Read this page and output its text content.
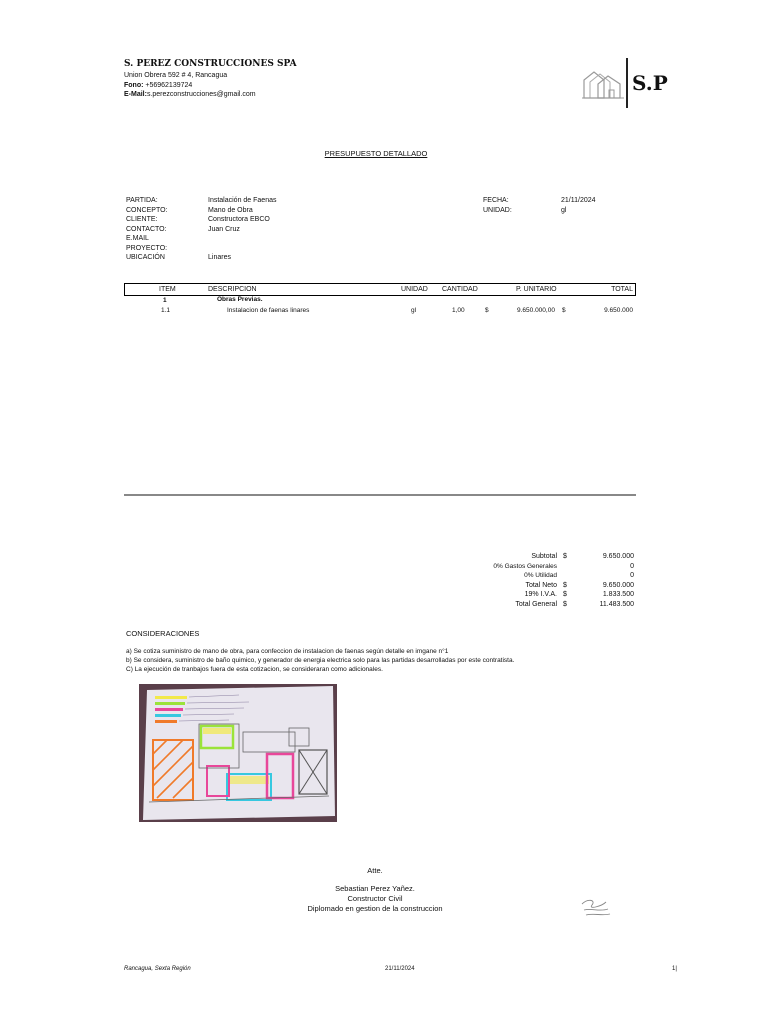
S. PEREZ CONSTRUCCIONES SPA
Union Obrera 592 # 4, Rancagua
Fono: +56962139724
E-Mail:s.perezconstrucciones@gmail.com	S.P
PRESUPUESTO DETALLADO
PARTIDA:	Instalación de Faenas
CONCEPTO:	Mano de Obra
CLIENTE:	Constructora EBCO
CONTACTO:	Juan Cruz
E.MAIL
PROYECTO:
UBICACIÓN	Linares
FECHA:	21/11/2024
UNIDAD:	gl
ITEM	DESCRIPCION	UNIDAD CANTIDAD	P. UNITARIO	TOTAL
1	Obras Previas.
1.1	Instalacion de faenas linares	gl	1,00	$	9.650.000,00 $	9.650.000
Subtotal $	9.650.000
0% Gastos Generales	0
0% Utilidad	0
Total Neto $	9.650.000
19% I.V.A. $	1.833.500
Total General $	11.483.500
CONSIDERACIONES
a) Se cotiza suministro de mano de obra, para confeccion de instalacion de faenas según detalle en imgane n°1
b) Se considera, suministro de baño quimico, y generador de energia electrica solo para las partidas desarrolladas por este contratista.
C) La ejecución de tranbajos fuera de esta cotizacion, se consideraran como adicionales.
Atte.
Sebastian Perez Yañez.
Constructor Civil
Diplomado en gestion de la construccion
Rancagua, Sexta Región	21/11/2024	1|
